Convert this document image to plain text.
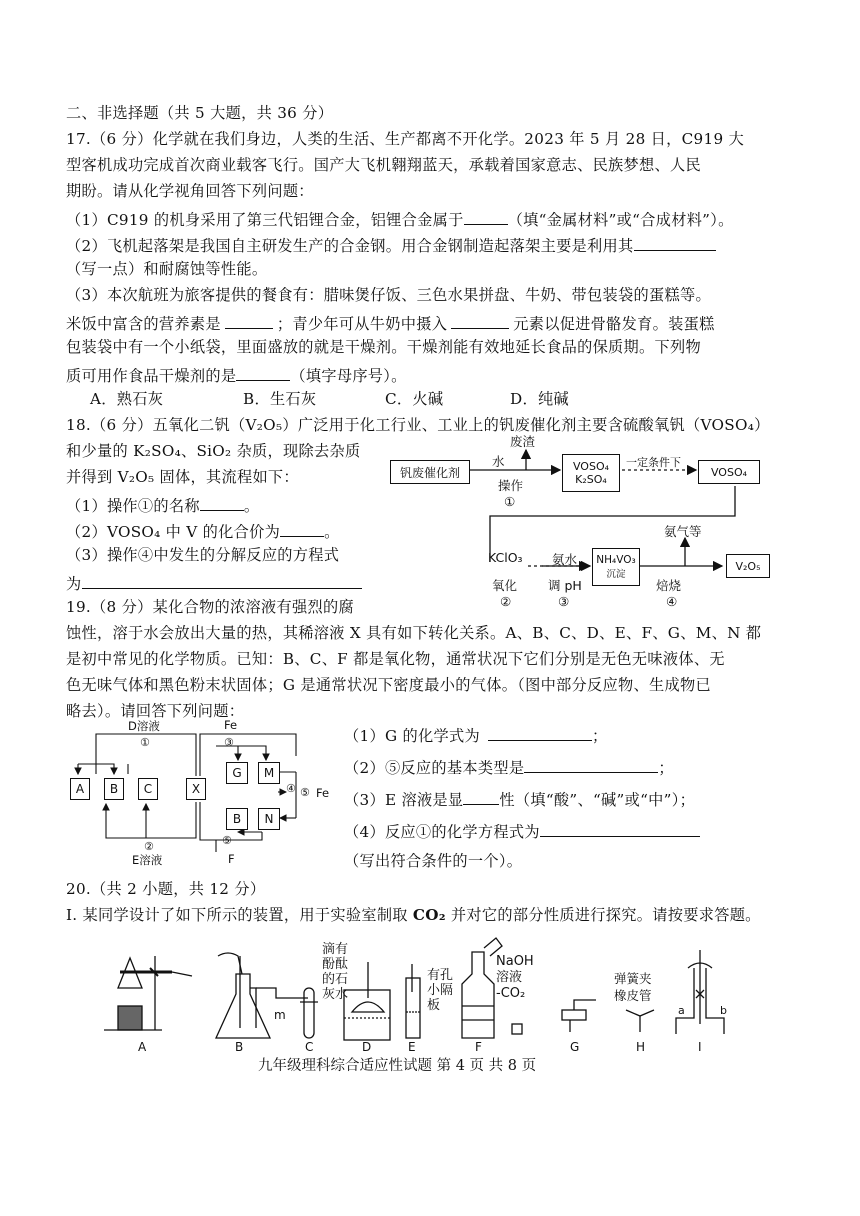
二、非选择题（共 5 大题，共 36 分）
17.（6 分）化学就在我们身边，人类的生活、生产都离不开化学。2023 年 5 月 28 日，C919 大
型客机成功完成首次商业载客飞行。国产大飞机翱翔蓝天，承载着国家意志、民族梦想、人民
期盼。请从化学视角回答下列问题：
（1）C919 的机身采用了第三代铝锂合金，铝锂合金属于	（填“金属材料”或“合成材料”）。
（2）飞机起落架是我国自主研发生产的合金钢。用合金钢制造起落架主要是利用其
（写一点）和耐腐蚀等性能。
（3）本次航班为旅客提供的餐食有：腊味煲仔饭、三色水果拼盘、牛奶、带包装袋的蛋糕等。
米饭中富含的营养素是	；青少年可从牛奶中摄入	元素以促进骨骼发育。装蛋糕
包装袋中有一个小纸袋，里面盛放的就是干燥剂。干燥剂能有效地延长食品的保质期。下列物
质可用作食品干燥剂的是	（填字母序号）。
A．熟石灰	B．生石灰	C．火碱	D．纯碱
18.（6 分）五氧化二钒（V₂O₅）广泛用于化工行业、工业上的钒废催化剂主要含硫酸氧钒（VOSO₄）
和少量的 K₂SO₄、SiO₂ 杂质，现除去杂质
并得到 V₂O₅ 固体，其流程如下：
（1）操作①的名称	。
（2）VOSO₄ 中 V 的化合价为	。
（3）操作④中发生的分解反应的方程式
为
钒废催化剂
水
废渣
操作
①
VOSO₄
K₂SO₄
一定条件下
VOSO₄
KClO₃
氧化
②
氨水
调 pH
③
NH₄VO₃
沉淀
氨气等
焙烧
④
V₂O₅
19.（8 分）某化合物的浓溶液有强烈的腐
蚀性，溶于水会放出大量的热，其稀溶液 X 具有如下转化关系。A、B、C、D、E、F、G、M、N 都
是初中常见的化学物质。已知：B、C、F 都是氧化物，通常状况下它们分别是无色无味液体、无
色无味气体和黑色粉末状固体；G 是通常状况下密度最小的气体。（图中部分反应物、生成物已
略去）。请回答下列问题：
D溶液
①
A	B	C	X
②
E溶液
Fe
③
G	M
④ ⑤ Fe
B	N
⑤
F
（1）G 的化学式为	；
（2）⑤反应的基本类型是	；
（3）E 溶液是显 性（填“酸”、“碱”或“中”）；
（4）反应①的化学方程式为
（写出符合条件的一个）。
20.（共 2 小题，共 12 分）
I. 某同学设计了如下所示的装置，用于实验室制取 CO₂ 并对它的部分性质进行探究。请按要求答题。
A	B
m
C
滴有
酚酞
的石
灰水
D	E
有孔
小隔
板
F
NaOH
溶液
-CO₂
G
弹簧夹
橡皮管
H
a	b
I
九年级理科综合适应性试题 第 4 页 共 8 页
